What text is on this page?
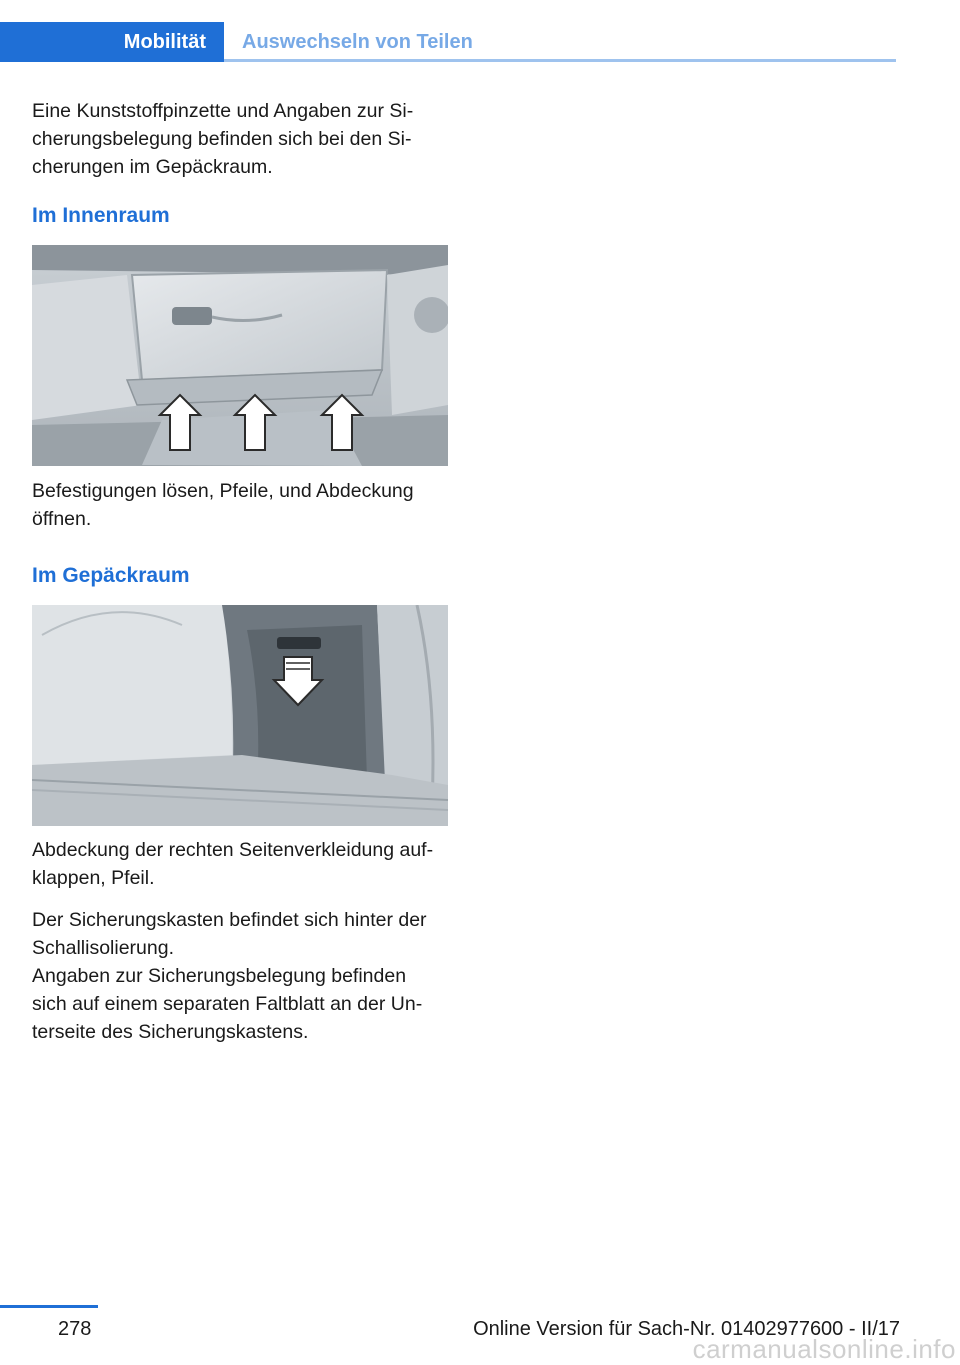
Mobilität	Auswechseln von Teilen

Eine Kunststoffpinzette und Angaben zur Si-
cherungsbelegung befinden sich bei den Si-
cherungen im Gepäckraum.

Im Innenraum

Befestigungen lösen, Pfeile, und Abdeckung
öffnen.

Im Gepäckraum

Abdeckung der rechten Seitenverkleidung auf-
klappen, Pfeil.

Der Sicherungskasten befindet sich hinter der
Schallisolierung.

Angaben zur Sicherungsbelegung befinden
sich auf einem separaten Faltblatt an der Un-
terseite des Sicherungskastens.

278
carmanualsonline.info
Online Version für Sach-Nr. 01402977600 - II/17
